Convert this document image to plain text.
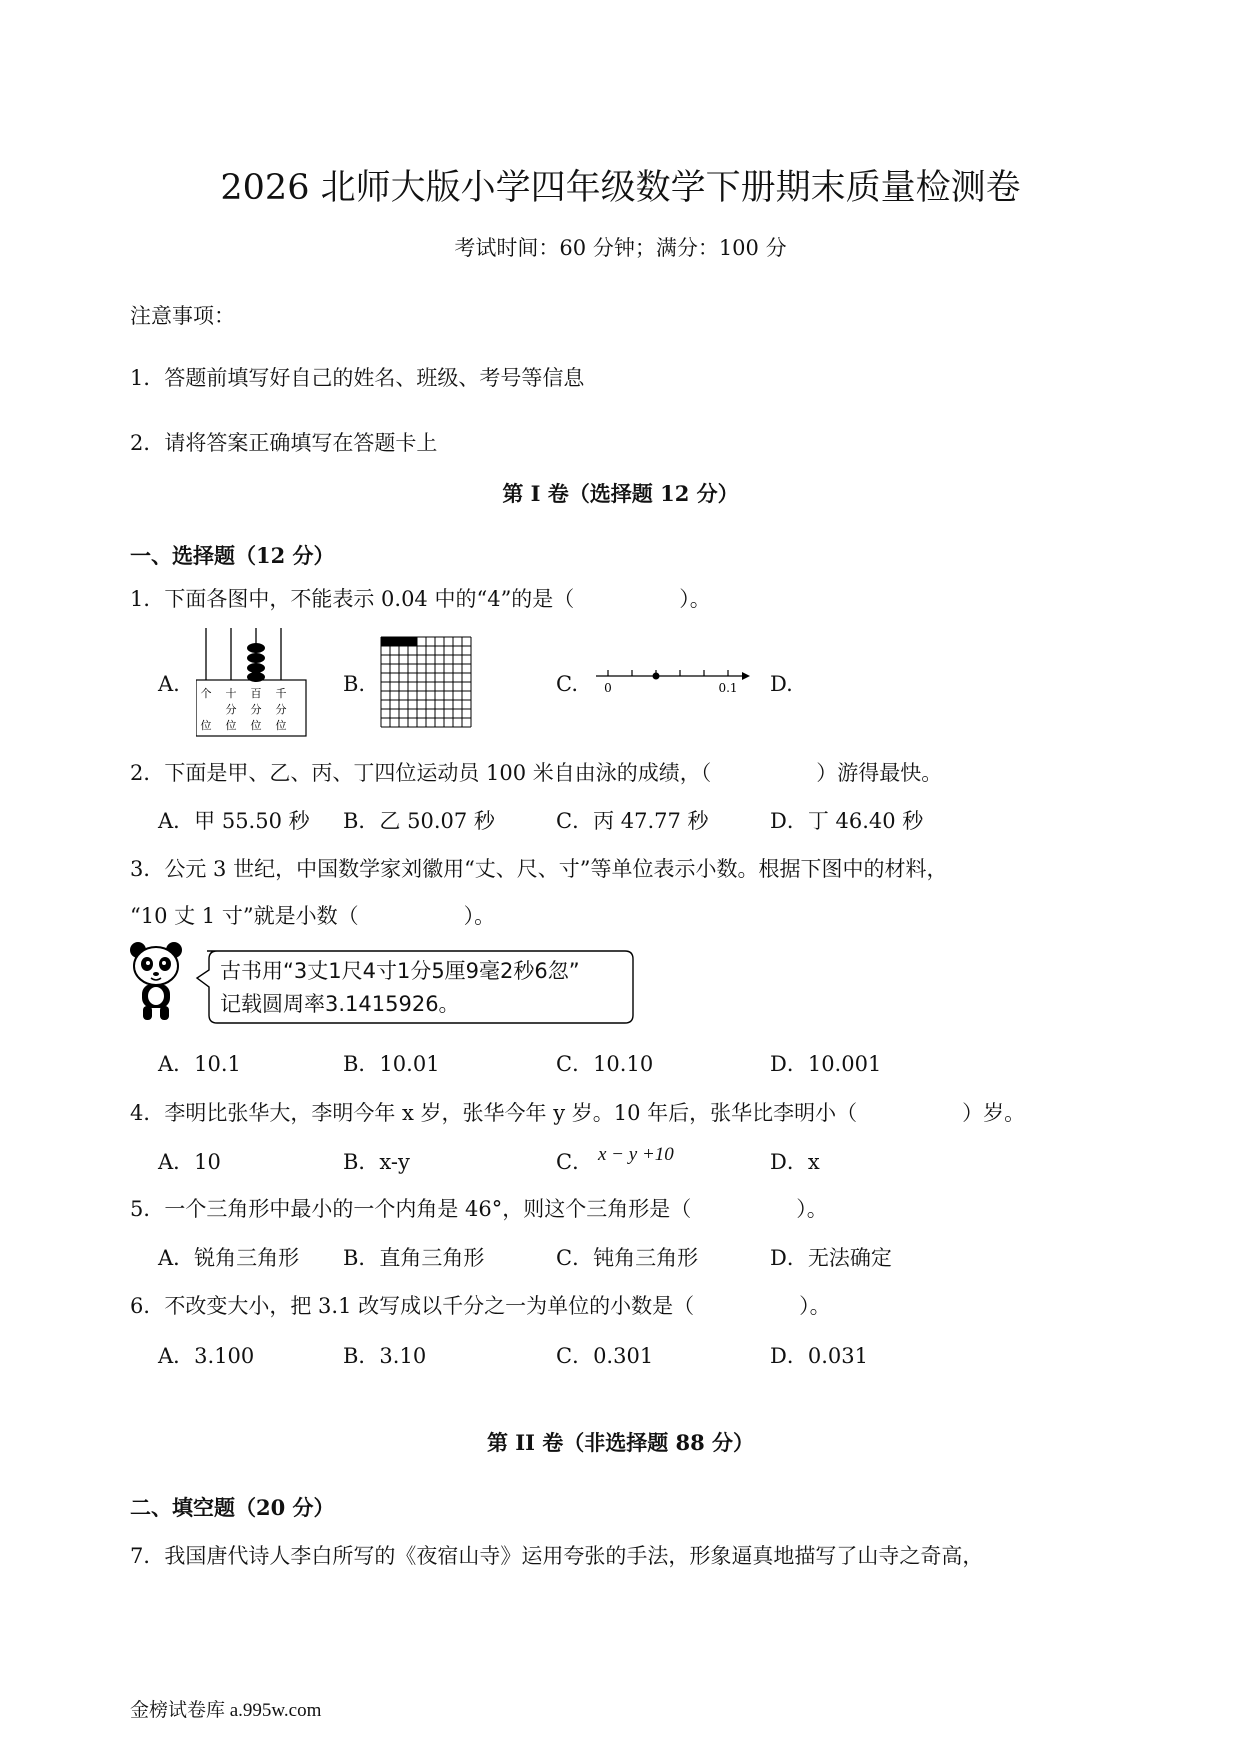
2026 北师大版小学四年级数学下册期末质量检测卷
考试时间：60 分钟；满分：100 分
注意事项：
1．答题前填写好自己的姓名、班级、考号等信息
2．请将答案正确填写在答题卡上
第 I 卷（选择题 12 分）
一、选择题（12 分）
1．下面各图中，不能表示 0.04 中的“4”的是（　　　　　）。
A. 个
位
十
分
位
百
分
位
千
分
位
B.	C. 0	0.1 D.
2．下面是甲、乙、丙、丁四位运动员 100 米自由泳的成绩，（　　　　　）游得最快。
A．甲 55.50 秒 B．乙 50.07 秒	C．丙 47.77 秒	D．丁 46.40 秒
3．公元 3 世纪，中国数学家刘徽用“丈、尺、寸”等单位表示小数。根据下图中的材料，
“10 丈 1 寸”就是小数（　　　　　）。
古书用“3丈1尺4寸1分5厘9毫2秒6忽”
记载圆周率3.1415926。
A．10.1	B．10.01	C．10.10	D．10.001
4．李明比张华大，李明今年 x 岁，张华今年 y 岁。10 年后，张华比李明小（　　　　　）岁。
A．10	B．x-y	C． x − y +10	D．x
5．一个三角形中最小的一个内角是 46°，则这个三角形是（　　　　　）。
A．锐角三角形 B．直角三角形	C．钝角三角形	D．无法确定
6．不改变大小，把 3.1 改写成以千分之一为单位的小数是（　　　　　）。
A．3.100	B．3.10	C．0.301	D．0.031
第 II 卷（非选择题 88 分）
二、填空题（20 分）
7．我国唐代诗人李白所写的《夜宿山寺》运用夸张的手法，形象逼真地描写了山寺之奇高，
金榜试卷库 a.995w.com
